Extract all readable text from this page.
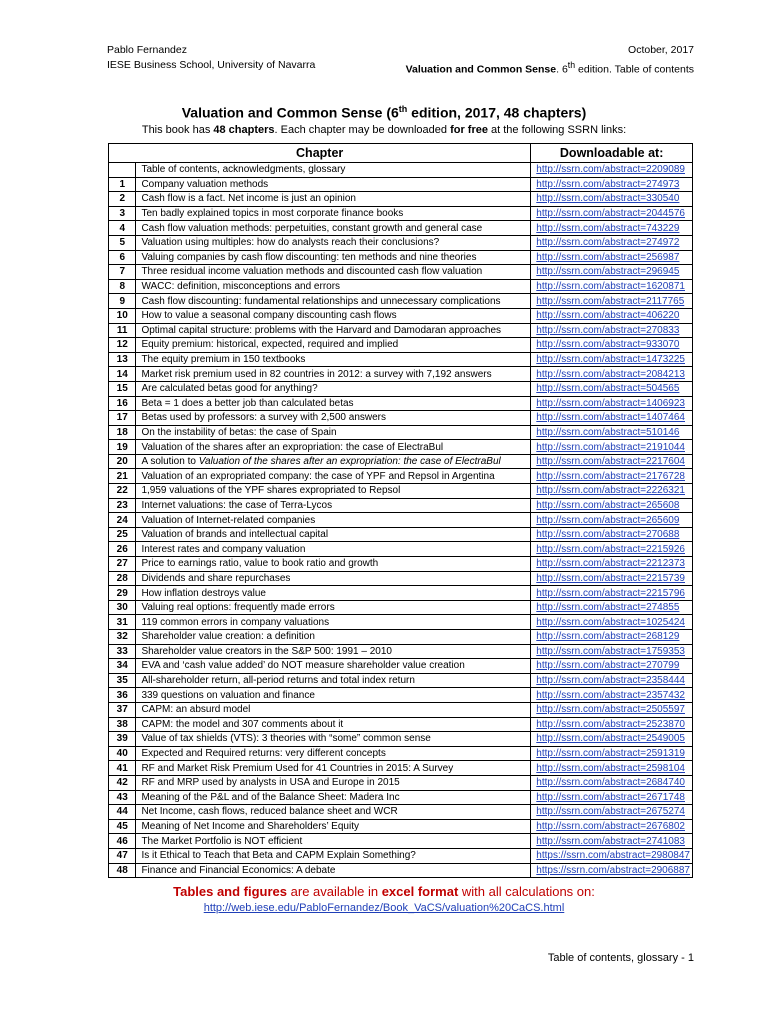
Pablo Fernandez
IESE Business School, University of Navarra
October, 2017
Valuation and Common Sense. 6th edition. Table of contents
Valuation and Common Sense (6th edition, 2017, 48 chapters)
This book has 48 chapters. Each chapter may be downloaded for free at the following SSRN links:
Chapter		Downloadable at:
	Table of contents, acknowledgments, glossary	http://ssrn.com/abstract=2209089
1	Company valuation methods	http://ssrn.com/abstract=274973
2	Cash flow is a fact. Net income is just an opinion	http://ssrn.com/abstract=330540
3	Ten badly explained topics in most corporate finance books	http://ssrn.com/abstract=2044576
4	Cash flow valuation methods: perpetuities, constant growth and general case	http://ssrn.com/abstract=743229
5	Valuation using multiples: how do analysts reach their conclusions?	http://ssrn.com/abstract=274972
6	Valuing companies by cash flow discounting: ten methods and nine theories	http://ssrn.com/abstract=256987
7	Three residual income valuation methods and discounted cash flow valuation	http://ssrn.com/abstract=296945
8	WACC: definition, misconceptions and errors	http://ssrn.com/abstract=1620871
9	Cash flow discounting: fundamental relationships and unnecessary complications	http://ssrn.com/abstract=2117765
10	How to value a seasonal company discounting cash flows	http://ssrn.com/abstract=406220
11	Optimal capital structure: problems with the Harvard and Damodaran approaches	http://ssrn.com/abstract=270833
12	Equity premium: historical, expected, required and implied	http://ssrn.com/abstract=933070
13	The equity premium in 150 textbooks	http://ssrn.com/abstract=1473225
14	Market risk premium used in 82 countries in 2012: a survey with 7,192 answers	http://ssrn.com/abstract=2084213
15	Are calculated betas good for anything?	http://ssrn.com/abstract=504565
16	Beta = 1 does a better job than calculated betas	http://ssrn.com/abstract=1406923
17	Betas used by professors: a survey with 2,500 answers	http://ssrn.com/abstract=1407464
18	On the instability of betas: the case of Spain	http://ssrn.com/abstract=510146
19	Valuation of the shares after an expropriation: the case of ElectraBul	http://ssrn.com/abstract=2191044
20	A solution to Valuation of the shares after an expropriation: the case of ElectraBul	http://ssrn.com/abstract=2217604
21	Valuation of an expropriated company: the case of YPF and Repsol in Argentina	http://ssrn.com/abstract=2176728
22	1,959 valuations of the YPF shares expropriated to Repsol	http://ssrn.com/abstract=2226321
23	Internet valuations: the case of Terra-Lycos	http://ssrn.com/abstract=265608
24	Valuation of Internet-related companies	http://ssrn.com/abstract=265609
25	Valuation of brands and intellectual capital	http://ssrn.com/abstract=270688
26	Interest rates and company valuation	http://ssrn.com/abstract=2215926
27	Price to earnings ratio, value to book ratio and growth	http://ssrn.com/abstract=2212373
28	Dividends and share repurchases	http://ssrn.com/abstract=2215739
29	How inflation destroys value	http://ssrn.com/abstract=2215796
30	Valuing real options: frequently made errors	http://ssrn.com/abstract=274855
31	119 common errors in company valuations	http://ssrn.com/abstract=1025424
32	Shareholder value creation: a definition	http://ssrn.com/abstract=268129
33	Shareholder value creators in the S&P 500: 1991 – 2010	http://ssrn.com/abstract=1759353
34	EVA and ‘cash value added’ do NOT measure shareholder value creation	http://ssrn.com/abstract=270799
35	All-shareholder return, all-period returns and total index return	http://ssrn.com/abstract=2358444
36	339 questions on valuation and finance	http://ssrn.com/abstract=2357432
37	CAPM: an absurd model	http://ssrn.com/abstract=2505597
38	CAPM: the model and 307 comments about it	http://ssrn.com/abstract=2523870
39	Value of tax shields (VTS): 3 theories with “some” common sense	http://ssrn.com/abstract=2549005
40	Expected and Required returns: very different concepts	http://ssrn.com/abstract=2591319
41	RF and Market Risk Premium Used for 41 Countries in 2015: A Survey	http://ssrn.com/abstract=2598104
42	RF and MRP used by analysts in USA and Europe in 2015	http://ssrn.com/abstract=2684740
43	Meaning of the P&L and of the Balance Sheet: Madera Inc	http://ssrn.com/abstract=2671748
44	Net Income, cash flows, reduced balance sheet and WCR	http://ssrn.com/abstract=2675274
45	Meaning of Net Income and Shareholders’ Equity	http://ssrn.com/abstract=2676802
46	The Market Portfolio is NOT efficient	http://ssrn.com/abstract=2741083
47	Is it Ethical to Teach that Beta and CAPM Explain Something?	https://ssrn.com/abstract=2980847
48	Finance and Financial Economics: A debate	https://ssrn.com/abstract=2906887
Tables and figures are available in excel format with all calculations on:
http://web.iese.edu/PabloFernandez/Book_VaCS/valuation%20CaCS.html
Table of contents, glossary - 1
